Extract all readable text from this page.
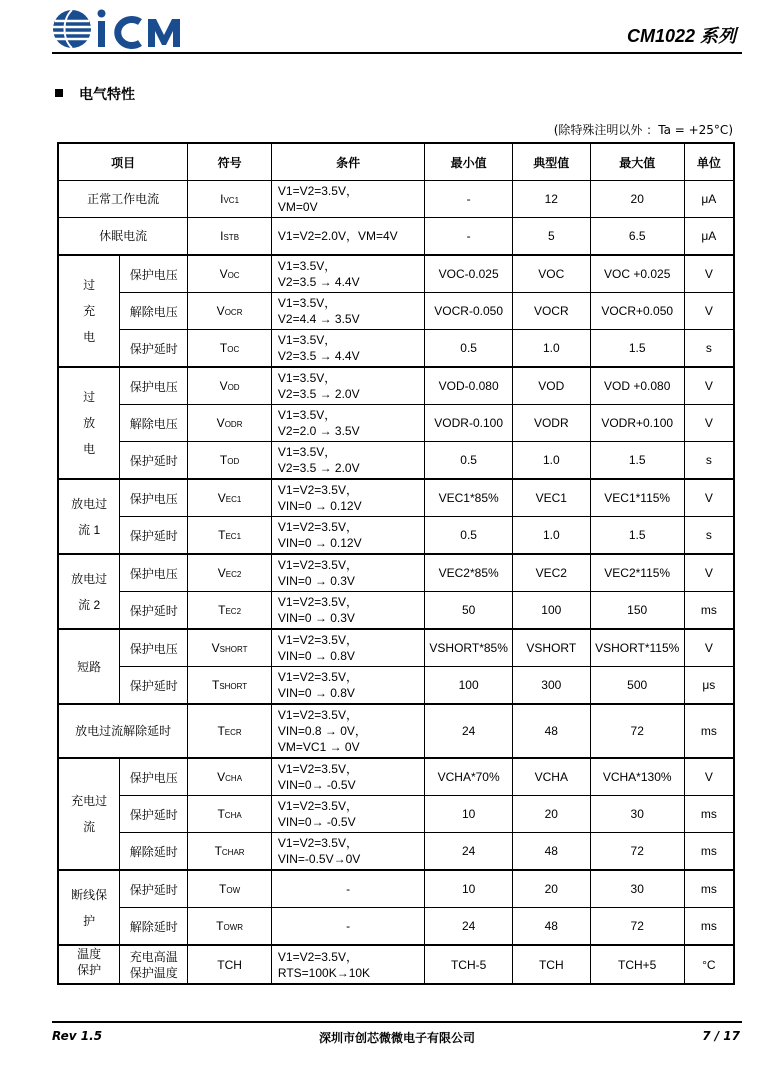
CM1022 系列
电气特性
(除特殊注明以外 ：Ta = +25°C)
项目		符号	条件	最小值	典型值	最大值	单位
正常工作电流		IVC1	V1=V2=3.5V，
VM=0V	-	12	20	μA
休眠电流		ISTB	V1=V2=2.0V，VM=4V	-	5	6.5	μA
过充电	保护电压	VOC	V1=3.5V，
V2=3.5 → 4.4V	VOC-0.025	VOC	VOC +0.025	V
	解除电压	VOCR	V1=3.5V，
V2=4.4 → 3.5V	VOCR-0.050	VOCR	VOCR+0.050	V
	保护延时	TOC	V1=3.5V，
V2=3.5 → 4.4V	0.5	1.0	1.5	s
过放电	保护电压	VOD	V1=3.5V，
V2=3.5 → 2.0V	VOD-0.080	VOD	VOD +0.080	V
	解除电压	VODR	V1=3.5V，
V2=2.0 → 3.5V	VODR-0.100	VODR	VODR+0.100	V
	保护延时	TOD	V1=3.5V，
V2=3.5 → 2.0V	0.5	1.0	1.5	s
放电过流 1	保护电压	VEC1	V1=V2=3.5V，
VIN=0 → 0.12V	VEC1*85%	VEC1	VEC1*115%	V
	保护延时	TEC1	V1=V2=3.5V，
VIN=0 → 0.12V	0.5	1.0	1.5	s
放电过流 2	保护电压	VEC2	V1=V2=3.5V，
VIN=0 → 0.3V	VEC2*85%	VEC2	VEC2*115%	V
	保护延时	TEC2	V1=V2=3.5V，
VIN=0 → 0.3V	50	100	150	ms
短路	保护电压	VSHORT	V1=V2=3.5V，
VIN=0 → 0.8V	VSHORT*85%	VSHORT	VSHORT*115%	V
	保护延时	TSHORT	V1=V2=3.5V，
VIN=0 → 0.8V	100	300	500	μs
放电过流解除延时		TECR	V1=V2=3.5V，
VIN=0.8 → 0V，
VM=VC1 → 0V	24	48	72	ms
充电过流	保护电压	VCHA	V1=V2=3.5V，
VIN=0→ -0.5V	VCHA*70%	VCHA	VCHA*130%	V
	保护延时	TCHA	V1=V2=3.5V，
VIN=0→ -0.5V	10	20	30	ms
	解除延时	TCHAR	V1=V2=3.5V，
VIN=-0.5V→0V	24	48	72	ms
断线保护	保护延时	TOW	-	10	20	30	ms
	解除延时	TOWR	-	24	48	72	ms
温度保护	充电高温保护温度	TCH	V1=V2=3.5V，
RTS=100K→10K	TCH-5	TCH	TCH+5	°C
Rev 1.5	深圳市创芯微微电子有限公司	7 / 17
